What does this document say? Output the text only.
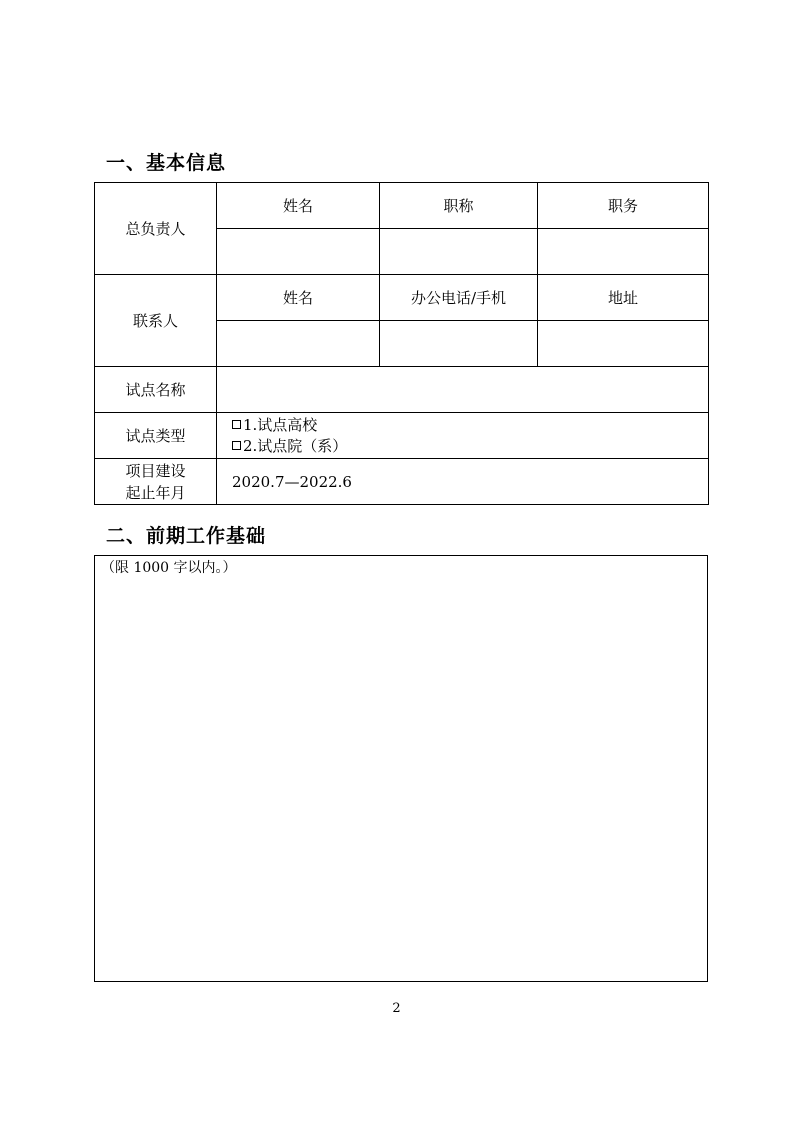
一、基本信息
总负责人	姓名	职称	职务

联系人	姓名	办公电话/手机	地址

试点名称			
试点类型	1.试点高校
2.试点院（系）		

项目建设
起止年月	2020.7—2022.6		
二、前期工作基础
（限 1000 字以内。）
2
